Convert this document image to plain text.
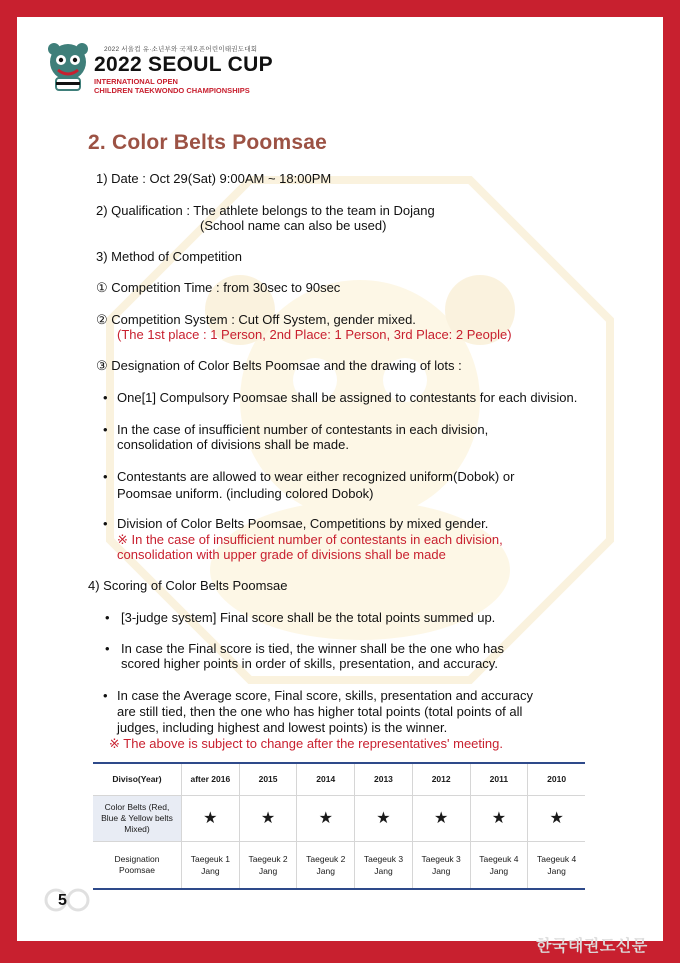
2022 서울컵 유·소년부와 국제오픈어린이태권도대회
2022 SEOUL CUP
INTERNATIONAL OPEN
CHILDREN TAEKWONDO CHAMPIONSHIPS
2. Color Belts Poomsae
1) Date : Oct 29(Sat) 9:00AM ~ 18:00PM
2) Qualification : The athlete belongs to the team in Dojang
(School name can also be used)
3) Method of Competition
① Competition Time : from 30sec to 90sec
② Competition System : Cut Off System, gender mixed.
(The 1st place : 1 Person, 2nd Place: 1 Person, 3rd Place: 2 People)
③ Designation of Color Belts Poomsae and the drawing of lots :
• One[1] Compulsory Poomsae shall be assigned to contestants for each division.
• In the case of insufficient number of contestants in each division,
consolidation of divisions shall be made.
• Contestants are allowed to wear either recognized uniform(Dobok) or
Poomsae uniform. (including colored Dobok)
• Division of Color Belts Poomsae, Competitions by mixed gender.
※ In the case of insufficient number of contestants in each division,
consolidation with upper grade of divisions shall be made
4) Scoring of Color Belts Poomsae
• [3-judge system] Final score shall be the total points summed up.
• In case the Final score is tied, the winner shall be the one who has
scored higher points in order of skills, presentation, and accuracy.
• In case the Average score, Final score, skills, presentation and accuracy
are still tied, then the one who has higher total points (total points of all
judges, including highest and lowest points) is the winner.
※ The above is subject to change after the representatives' meeting.
Diviso(Year)	after 2016	2015	2014	2013	2012	2011	2010
Color Belts (Red, Blue & Yellow belts Mixed)	★	★	★	★	★	★	★
Designation Poomsae	Taegeuk 1 Jang	Taegeuk 2 Jang	Taegeuk 2 Jang	Taegeuk 3 Jang	Taegeuk 3 Jang	Taegeuk 4 Jang	Taegeuk 4 Jang
5
한국태권도신문
